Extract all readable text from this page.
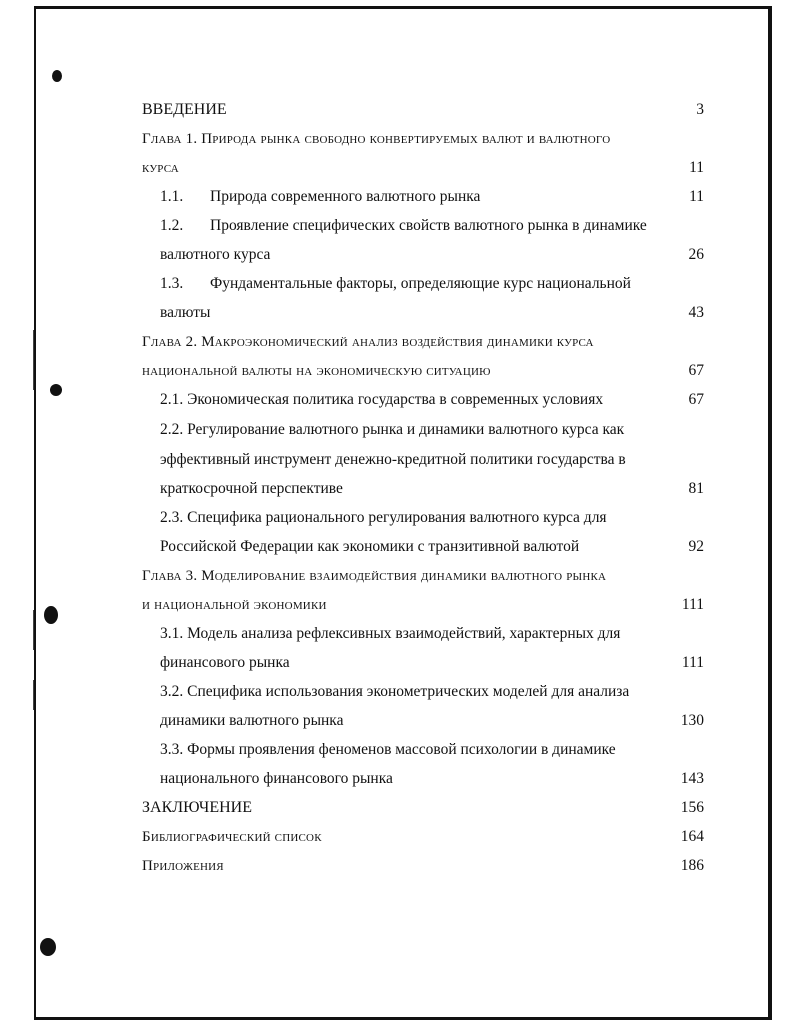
ВВЕДЕНИЕ	3
Глава 1. Природа рынка свободно конвертируемых валют и валютного
курса	11
1.1. Природа современного валютного рынка	11
1.2. Проявление специфических свойств валютного рынка в динамике
валютного курса	26
1.3. Фундаментальные факторы, определяющие курс национальной
валюты	43
Глава 2. Макроэкономический анализ воздействия динамики курса
национальной валюты на экономическую ситуацию	67
2.1. Экономическая политика государства в современных условиях	67
2.2. Регулирование валютного рынка и динамики валютного курса как
эффективный инструмент денежно-кредитной политики государства в
краткосрочной перспективе	81
2.3. Специфика рационального регулирования валютного курса для
Российской Федерации как экономики с транзитивной валютой	92
Глава 3. Моделирование взаимодействия динамики валютного рынка
и национальной экономики	111
3.1. Модель анализа рефлексивных взаимодействий, характерных для
финансового рынка	111
3.2. Специфика использования эконометрических моделей для анализа
динамики валютного рынка	130
3.3. Формы проявления феноменов массовой психологии в динамике
национального финансового рынка	143
ЗАКЛЮЧЕНИЕ	156
Библиографический список	164
Приложения	186
